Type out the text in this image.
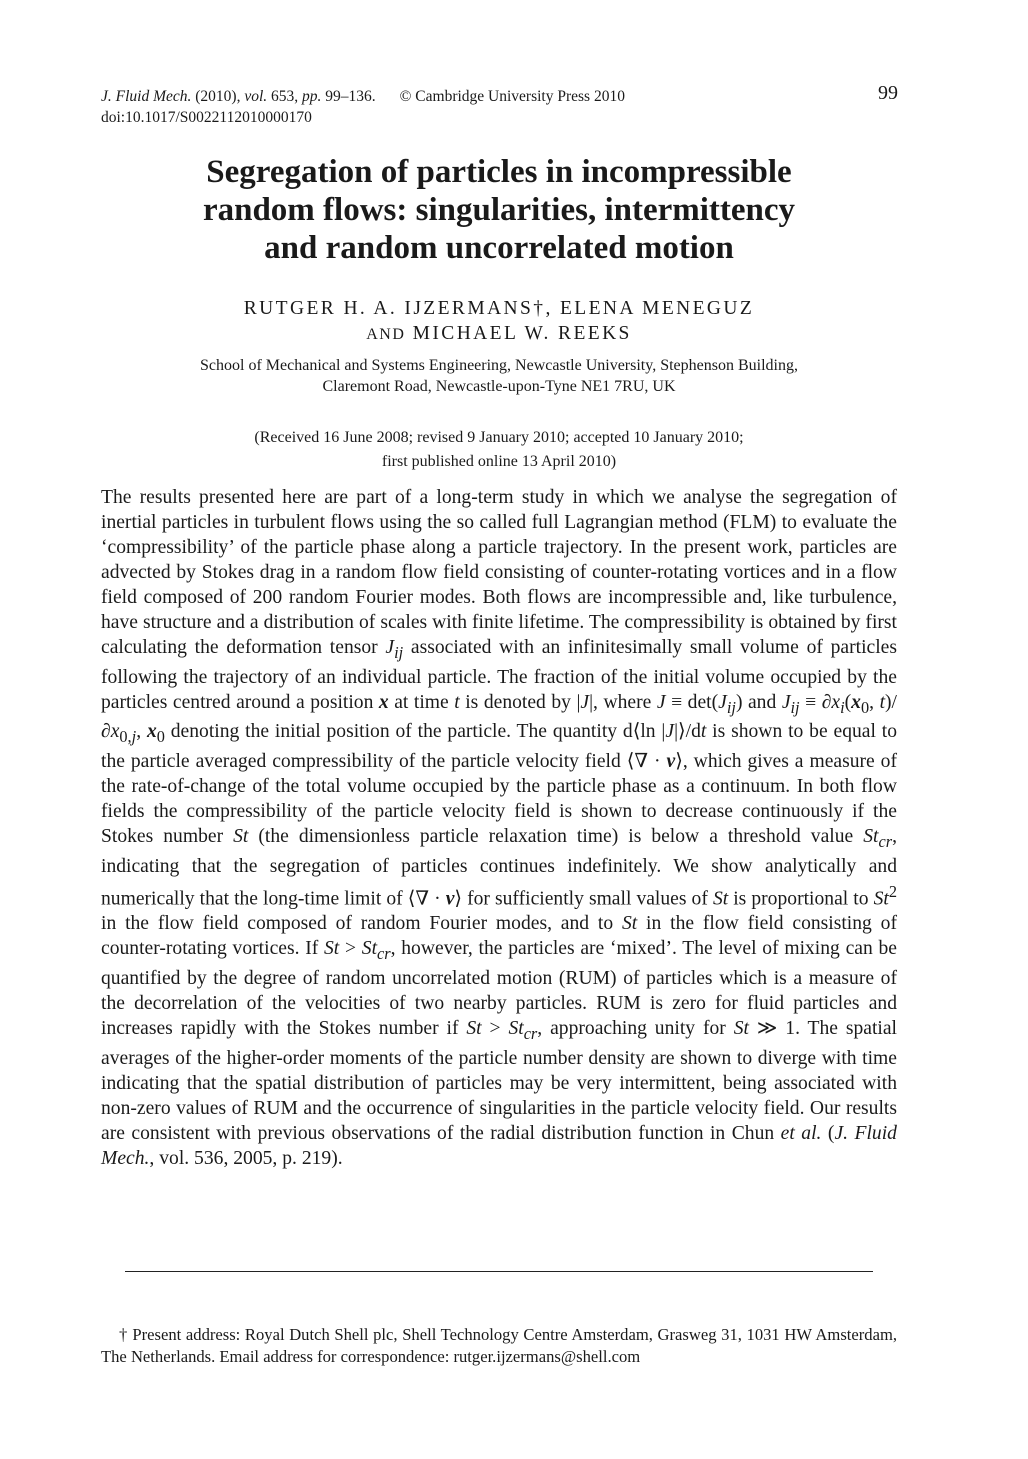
J. Fluid Mech. (2010), vol. 653, pp. 99–136. © Cambridge University Press 2010
doi:10.1017/S0022112010000170
99
Segregation of particles in incompressible
random flows: singularities, intermittency
and random uncorrelated motion
RUTGER H. A. IJZERMANS†, ELENA MENEGUZ
AND MICHAEL W. REEKS
School of Mechanical and Systems Engineering, Newcastle University, Stephenson Building,
Claremont Road, Newcastle-upon-Tyne NE1 7RU, UK
(Received 16 June 2008; revised 9 January 2010; accepted 10 January 2010;
first published online 13 April 2010)

The results presented here are part of a long-term study in which we analyse the segregation of inertial particles in turbulent flows using the so called full Lagrangian method (FLM) to evaluate the ‘compressibility’ of the particle phase along a particle trajectory. In the present work, particles are advected by Stokes drag in a random flow field consisting of counter-rotating vortices and in a flow field composed of 200 random Fourier modes. Both flows are incompressible and, like turbulence, have structure and a distribution of scales with finite lifetime. The compressibility is obtained by first calculating the deformation tensor $J_{ij}$ associated with an infinitesimally small volume of particles following the trajectory of an individual particle. The fraction of the initial volume occupied by the particles centred around a position x at time t is denoted by |J|, where $J \equiv \det(J_{ij})$ and $J_{ij} \equiv \partial x_i(x_0$, $t)/\partial x_{0,j}$, $x_0$ denoting the initial position of the particle. The quantity d⟨ln |J|⟩/dt is shown to be equal to the particle averaged compressibility of the particle velocity field ⟨∇ · v⟩, which gives a measure of the rate-of-change of the total volume occupied by the particle phase as a continuum. In both flow fields the compressibility of the particle velocity field is shown to decrease continuously if the Stokes number St (the dimensionless particle relaxation time) is below a threshold value $St_{cr}$, indicating that the segregation of particles continues indefinitely. We show analytically and numerically that the long-time limit of ⟨∇ · v⟩ for sufficiently small values of St is proportional to St$^2$ in the flow field composed of random Fourier modes, and to St in the flow field consisting of counter-rotating vortices. If $St > St_{cr}$, however, the particles are ‘mixed’. The level of mixing can be quantified by the degree of random uncorrelated motion (RUM) of particles which is a measure of the decorrelation of the velocities of two nearby particles. RUM is zero for fluid particles and increases rapidly with the Stokes number if $St > St_{cr}$, approaching unity for St ≫ 1. The spatial averages of the higher-order moments of the particle number density are shown to diverge with time indicating that the spatial distribution of particles may be very intermittent, being associated with non-zero values of RUM and the occurrence of singularities in the particle velocity field. Our results are consistent with previous observations of the radial distribution function in Chun et al. (J. Fluid Mech., vol. 536, 2005, p. 219).

† Present address: Royal Dutch Shell plc, Shell Technology Centre Amsterdam, Grasweg 31, 1031 HW Amsterdam, The Netherlands. Email address for correspondence: rutger.ijzermans@shell.com
